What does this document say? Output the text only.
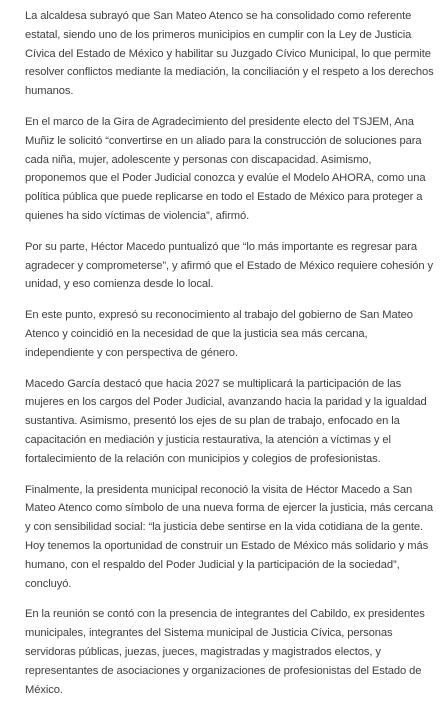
La alcaldesa subrayó que San Mateo Atenco se ha consolidado como referente estatal, siendo uno de los primeros municipios en cumplir con la Ley de Justicia Cívica del Estado de México y habilitar su Juzgado Cívico Municipal, lo que permite resolver conflictos mediante la mediación, la conciliación y el respeto a los derechos humanos.

En el marco de la Gira de Agradecimiento del presidente electo del TSJEM, Ana Muñiz le solicitó “convertirse en un aliado para la construcción de soluciones para cada niña, mujer, adolescente y personas con discapacidad. Asimismo, proponemos que el Poder Judicial conozca y evalúe el Modelo AHORA, como una política pública que puede replicarse en todo el Estado de México para proteger a quienes ha sido víctimas de violencia”, afirmó.

Por su parte, Héctor Macedo puntualizó que “lo más importante es regresar para agradecer y comprometerse”, y afirmó que el Estado de México requiere cohesión y unidad, y eso comienza desde lo local.

En este punto, expresó su reconocimiento al trabajo del gobierno de San Mateo Atenco y coincidió en la necesidad de que la justicia sea más cercana, independiente y con perspectiva de género.

Macedo García destacó que hacia 2027 se multiplicará la participación de las mujeres en los cargos del Poder Judicial, avanzando hacia la paridad y la igualdad sustantiva. Asimismo, presentó los ejes de su plan de trabajo, enfocado en la capacitación en mediación y justicia restaurativa, la atención a víctimas y el fortalecimiento de la relación con municipios y colegios de profesionistas.

Finalmente, la presidenta municipal reconoció la visita de Héctor Macedo a San Mateo Atenco como símbolo de una nueva forma de ejercer la justicia, más cercana y con sensibilidad social: “la justicia debe sentirse en la vida cotidiana de la gente. Hoy tenemos la oportunidad de construir un Estado de México más solidario y más humano, con el respaldo del Poder Judicial y la participación de la sociedad”, concluyó.

En la reunión se contó con la presencia de integrantes del Cabildo, ex presidentes municipales, integrantes del Sistema municipal de Justicia Cívica, personas servidoras públicas, juezas, jueces, magistradas y magistrados electos, y representantes de asociaciones y organizaciones de profesionistas del Estado de México.
